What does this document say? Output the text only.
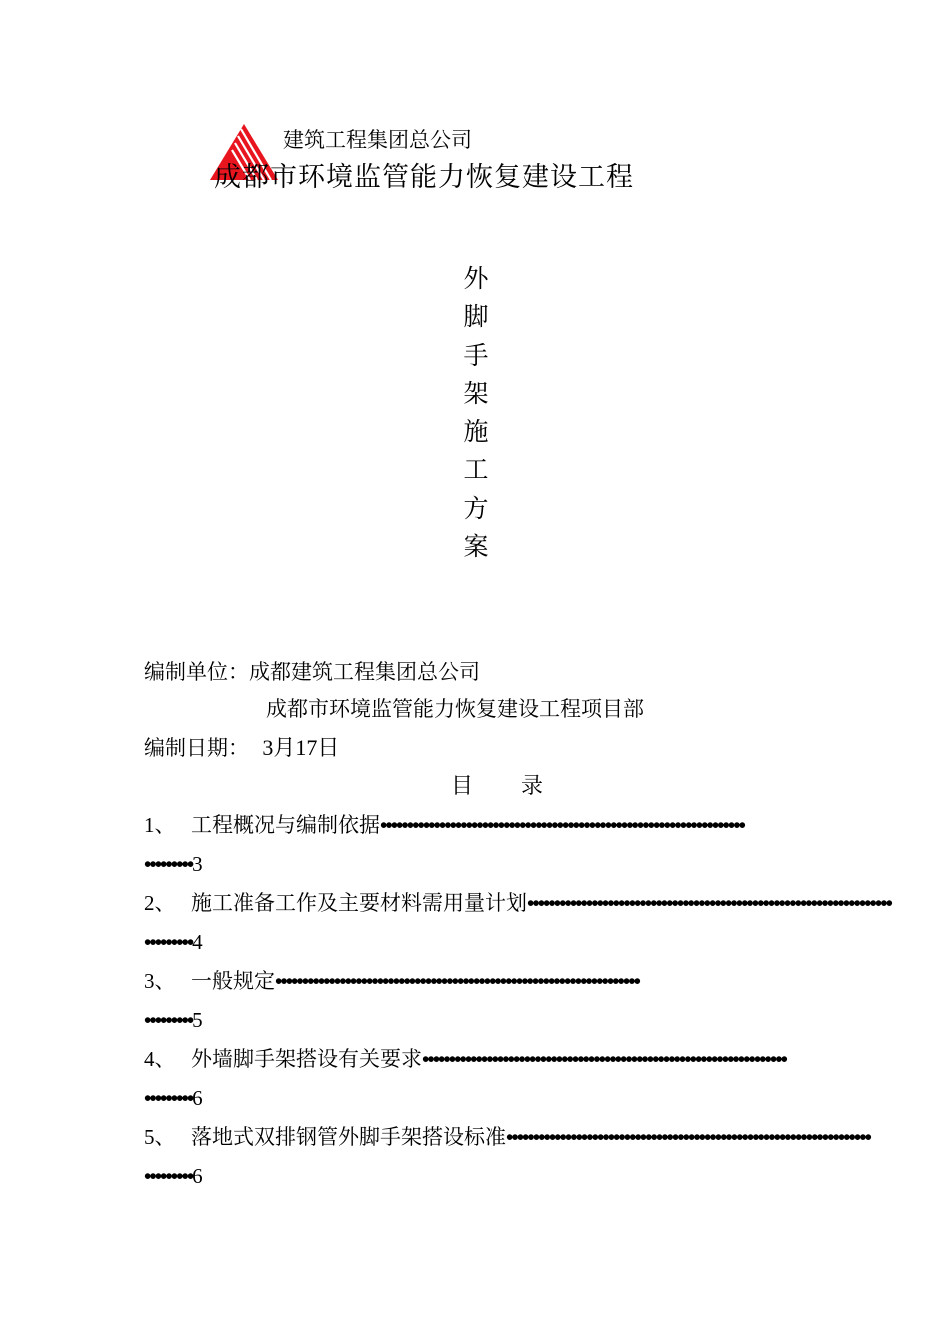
建筑工程集团总公司
成都市环境监管能力恢复建设工程
外
脚
手
架
施
工
方
案
编制单位：成都建筑工程集团总公司
成都市环境监管能力恢复建设工程项目部
编制日期： 3月17日
目录
1、 工程概况与编制依据••••••••••••••••••••••••••••••••••••••••••••••••••••••••••••••••••••
•••••••••3
2、 施工准备工作及主要材料需用量计划••••••••••••••••••••••••••••••••••••••••••••••••••••••••••••••••••••
•••••••••4
3、 一般规定••••••••••••••••••••••••••••••••••••••••••••••••••••••••••••••••••••
•••••••••5
4、 外墙脚手架搭设有关要求••••••••••••••••••••••••••••••••••••••••••••••••••••••••••••••••••••
•••••••••6
5、 落地式双排钢管外脚手架搭设标准••••••••••••••••••••••••••••••••••••••••••••••••••••••••••••••••••••
•••••••••6
